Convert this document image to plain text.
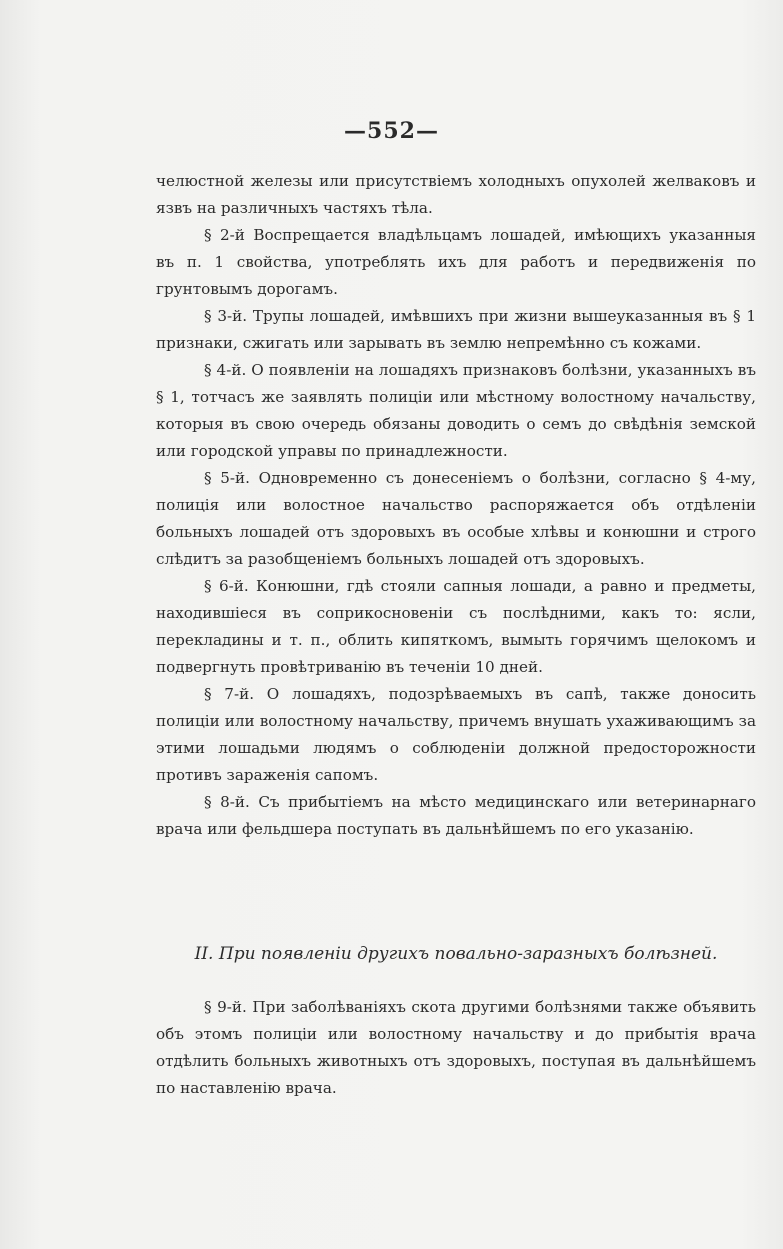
—552—

челюстной железы или присутствіемъ холодныхъ опухолей желваковъ и язвъ на различныхъ частяхъ тѣла.

§ 2-й Воспрещается владѣльцамъ лошадей, имѣющихъ указанныя въ п. 1 свойства, употреблять ихъ для работъ и передвиженія по грунтовымъ дорогамъ.

§ 3-й. Трупы лошадей, имѣвшихъ при жизни вышеуказанныя въ § 1 признаки, сжигать или зарывать въ землю непремѣнно съ кожами.

§ 4-й. О появленіи на лошадяхъ признаковъ болѣзни, указанныхъ въ § 1, тотчасъ же заявлять полиціи или мѣстному волостному начальству, которыя въ свою очередь обязаны доводить о семъ до свѣдѣнія земской или городской управы по принадлежности.

§ 5-й. Одновременно съ донесеніемъ о болѣзни, согласно § 4-му, полиція или волостное начальство распоряжается объ отдѣленіи больныхъ лошадей отъ здоровыхъ въ особые хлѣвы и конюшни и строго слѣдитъ за разобщеніемъ больныхъ лошадей отъ здоровыхъ.

§ 6-й. Конюшни, гдѣ стояли сапныя лошади, а равно и предметы, находившіеся въ соприкосновеніи съ послѣдними, какъ то: ясли, перекладины и т. п., облить кипяткомъ, вымыть горячимъ щелокомъ и подвергнуть провѣтриванію въ теченіи 10 дней.

§ 7-й. О лошадяхъ, подозрѣваемыхъ въ сапѣ, также доносить полиціи или волостному начальству, причемъ внушать ухаживающимъ за этими лошадьми людямъ о соблюденіи должной предосторожности противъ зараженія сапомъ.

§ 8-й. Съ прибытіемъ на мѣсто медицинскаго или ветеринарнаго врача или фельдшера поступать въ дальнѣйшемъ по его указанію.

II. При появленіи другихъ повально-заразныхъ болѣзней.

§ 9-й. При заболѣваніяхъ скота другими болѣзнями также объявить объ этомъ полиціи или волостному начальству и до прибытія врача отдѣлить больныхъ животныхъ отъ здоровыхъ, поступая въ дальнѣйшемъ по наставленію врача.
